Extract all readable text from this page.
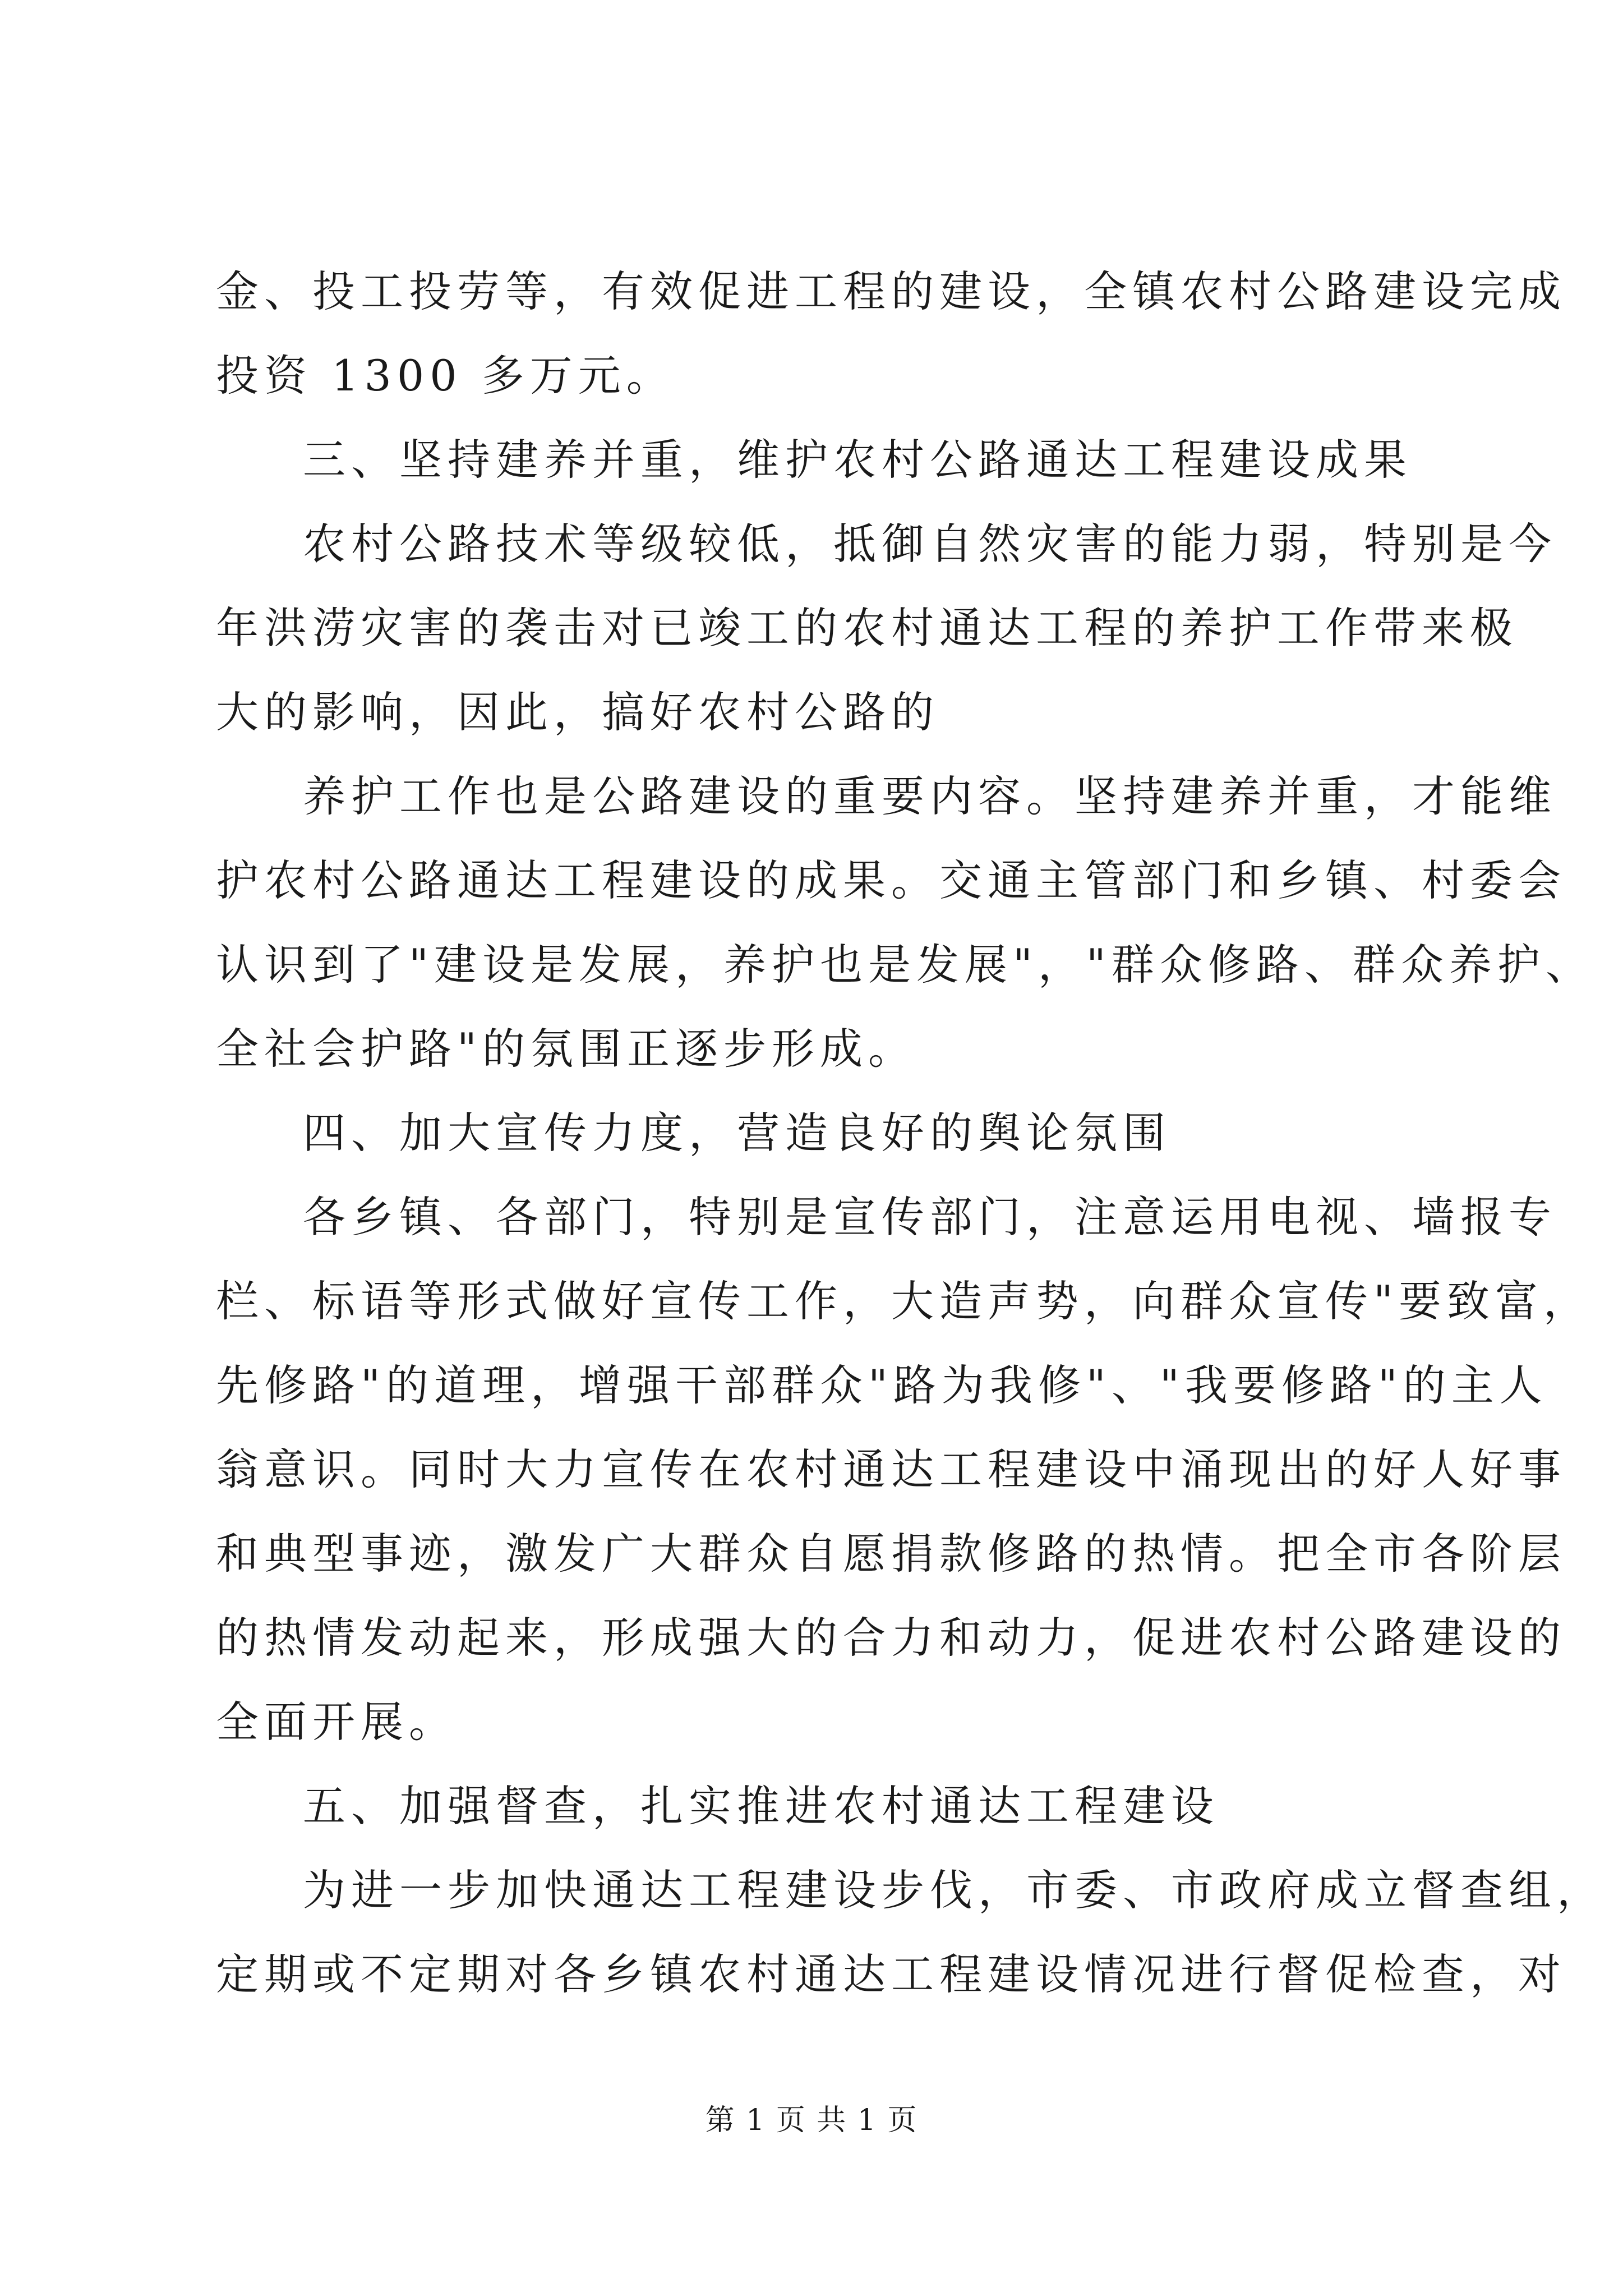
金、投工投劳等，有效促进工程的建设，全镇农村公路建设完成
投资 1300 多万元。
三、坚持建养并重，维护农村公路通达工程建设成果
农村公路技术等级较低，抵御自然灾害的能力弱，特别是今
年洪涝灾害的袭击对已竣工的农村通达工程的养护工作带来极
大的影响，因此，搞好农村公路的
养护工作也是公路建设的重要内容。坚持建养并重，才能维
护农村公路通达工程建设的成果。交通主管部门和乡镇、村委会
认识到了"建设是发展，养护也是发展"，"群众修路、群众养护、
全社会护路"的氛围正逐步形成。
四、加大宣传力度，营造良好的舆论氛围
各乡镇、各部门，特别是宣传部门，注意运用电视、墙报专
栏、标语等形式做好宣传工作，大造声势，向群众宣传"要致富，
先修路"的道理，增强干部群众"路为我修"、"我要修路"的主人
翁意识。同时大力宣传在农村通达工程建设中涌现出的好人好事
和典型事迹，激发广大群众自愿捐款修路的热情。把全市各阶层
的热情发动起来，形成强大的合力和动力，促进农村公路建设的
全面开展。
五、加强督查，扎实推进农村通达工程建设
为进一步加快通达工程建设步伐，市委、市政府成立督查组，
定期或不定期对各乡镇农村通达工程建设情况进行督促检查，对
第 1 页 共 1 页
